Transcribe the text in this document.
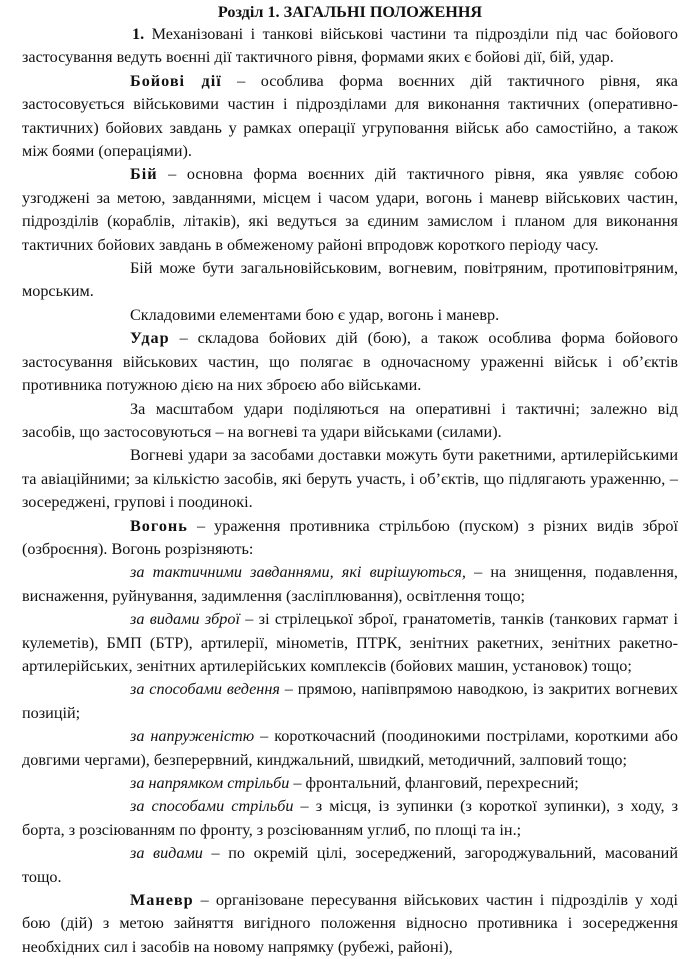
Розділ 1. ЗАГАЛЬНІ ПОЛОЖЕННЯ

1. Механізовані і танкові військові частини та підрозділи під час бойового застосування ведуть воєнні дії тактичного рівня, формами яких є бойові дії, бій, удар.

Бойові дії – особлива форма воєнних дій тактичного рівня, яка застосовується військовими частин і підрозділами для виконання тактичних (оперативно-тактичних) бойових завдань у рамках операції угруповання військ або самостійно, а також між боями (операціями).

Бій – основна форма воєнних дій тактичного рівня, яка уявляє собою узгоджені за метою, завданнями, місцем і часом удари, вогонь і маневр військових частин, підрозділів (кораблів, літаків), які ведуться за єдиним замислом і планом для виконання тактичних бойових завдань в обмеженому районі впродовж короткого періоду часу.

Бій може бути загальновійськовим, вогневим, повітряним, протиповітряним, морським.

Складовими елементами бою є удар, вогонь і маневр.

Удар – складова бойових дій (бою), а також особлива форма бойового застосування військових частин, що полягає в одночасному ураженні військ і об’єктів противника потужною дією на них зброєю або військами.

За масштабом удари поділяються на оперативні і тактичні; залежно від засобів, що застосовуються – на вогневі та удари військами (силами).

Вогневі удари за засобами доставки можуть бути ракетними, артилерійськими та авіаційними; за кількістю засобів, які беруть участь, і об’єктів, що підлягають ураженню, – зосереджені, групові і поодинокі.

Вогонь – ураження противника стрільбою (пуском) з різних видів зброї (озброєння). Вогонь розрізняють:

за тактичними завданнями, які вирішуються, – на знищення, подавлення, виснаження, руйнування, задимлення (засліплювання), освітлення тощо;

за видами зброї – зі стрілецької зброї, гранатометів, танків (танкових гармат і кулеметів), БМП (БТР), артилерії, мінометів, ПТРК, зенітних ракетних, зенітних ракетно-артилерійських, зенітних артилерійських комплексів (бойових машин, установок) тощо;

за способами ведення – прямою, напівпрямою наводкою, із закритих вогневих позицій;

за напруженістю – короткочасний (поодинокими пострілами, короткими або довгими чергами), безперервний, кинджальний, швидкий, методичний, залповий тощо;

за напрямком стрільби – фронтальний, фланговий, перехресний;

за способами стрільби – з місця, із зупинки (з короткої зупинки), з ходу, з борта, з розсіюванням по фронту, з розсіюванням углиб, по площі та ін.;

за видами – по окремій цілі, зосереджений, загороджувальний, масований тощо.

Маневр – організоване пересування військових частин і підрозділів у ході бою (дій) з метою зайняття вигідного положення відносно противника і зосередження необхідних сил і засобів на новому напрямку (рубежі, районі),
